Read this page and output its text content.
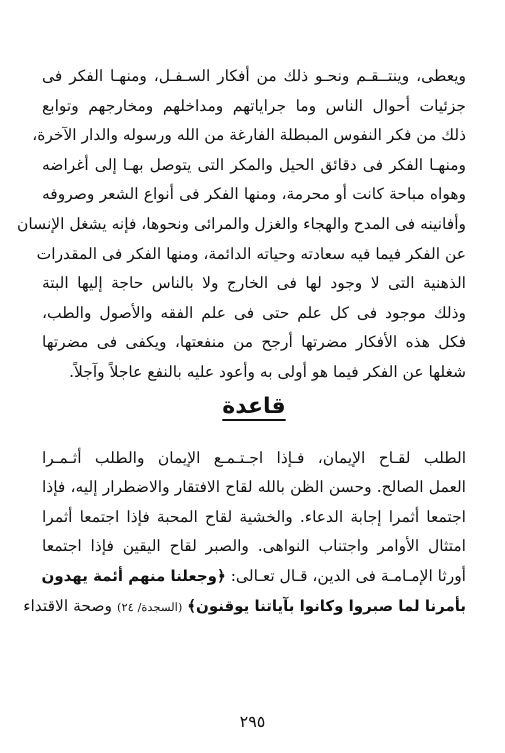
ويعطى، وينتــقـم ونحـو ذلك من أفكار السـفـل، ومنهـا الفكر فى
جزئيات أحوال الناس وما جراياتهم ومداخلهم ومخارجهم وتوابع
ذلك من فكر النفوس المبطلة الفارغة من الله ورسوله والدار الآخرة،
ومنهـا الفكر فى دقائق الحيل والمكر التى يتوصل بهـا إلى أغراضه
وهواه مباحة كانت أو محرمة، ومنها الفكر فى أنواع الشعر وصروفه
وأفانينه فى المدح والهجاء والغزل والمرائى ونحوها، فإنه يشغل الإنسان
عن الفكر فيما فيه سعادته وحياته الدائمة، ومنها الفكر فى المقدرات
الذهنية التى لا وجود لها فى الخارج ولا بالناس حاجة إليها البتة
وذلك موجود فى كل علم حتى فى علم الفقه والأصول والطب،
فكل هذه الأفكار مضرتها أرجح من منفعتها، ويكفى فى مضرتها
شغلها عن الفكر فيما هو أولى به وأعود عليه بالنفع عاجلاً وآجلاً.
قاعدة
الطلب لقـاح الإيمان، فـإذا اجـتـمـع الإيمان والطلب أثـمـرا
العمل الصالح. وحسن الظن بالله لقاح الافتقار والاضطرار إليه، فإذا
اجتمعا أثمرا إجابة الدعاء. والخشية لقاح المحبة فإذا اجتمعا أثمرا
امتثال الأوامر واجتناب النواهى. والصبر لقاح اليقين فإذا اجتمعا
أورثا الإمـامـة فى الدين، قـال تعـالى: ﴿وجعلنا منهم أئمة يهدون
بأمرنا لما صبروا وكانوا بآياتنا يوقنون﴾ (السجدة/ ٢٤) وصحة الاقتداء
٢٩٥
